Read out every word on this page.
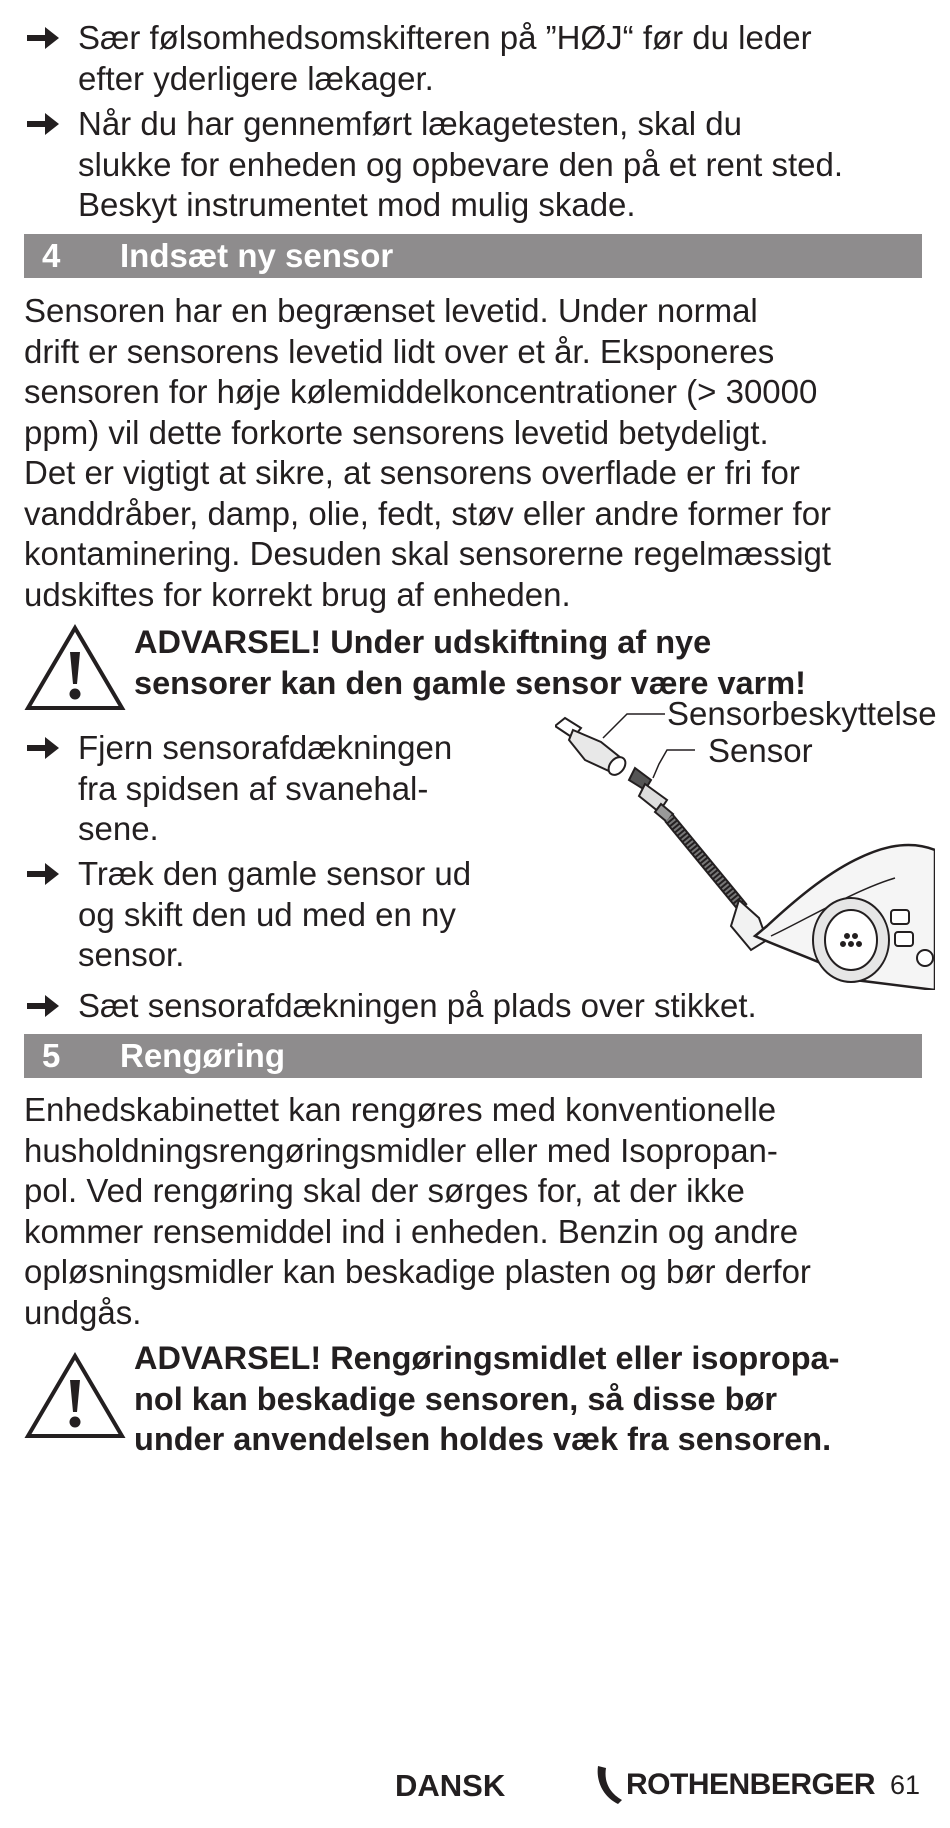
Sær følsomhedsomskifteren på ”HØJ“ før du leder
efter yderligere lækager.
Når du har gennemført lækagetesten, skal du
slukke for enheden og opbevare den på et rent sted.
Beskyt instrumentet mod mulig skade.
4 Indsæt ny sensor
Sensoren har en begrænset levetid. Under normal
drift er sensorens levetid lidt over et år. Eksponeres
sensoren for høje kølemiddelkoncentrationer (> 30000
ppm) vil dette forkorte sensorens levetid betydeligt.
Det er vigtigt at sikre, at sensorens overflade er fri for
vanddråber, damp, olie, fedt, støv eller andre former for
kontaminering. Desuden skal sensorerne regelmæssigt
udskiftes for korrekt brug af enheden.
ADVARSEL! Under udskiftning af nye
sensorer kan den gamle sensor være varm!
Fjern sensorafdækningen
fra spidsen af svanehal-
sene.
Træk den gamle sensor ud
og skift den ud med en ny
sensor.
Sæt sensorafdækningen på plads over stikket.
Sensorbeskyttelse
Sensor
5 Rengøring
Enhedskabinettet kan rengøres med konventionelle
husholdningsrengøringsmidler eller med Isopropan-
pol. Ved rengøring skal der sørges for, at der ikke
kommer rensemiddel ind i enheden. Benzin og andre
opløsningsmidler kan beskadige plasten og bør derfor
undgås.
ADVARSEL! Rengøringsmidlet eller isopropa-
nol kan beskadige sensoren, så disse bør
under anvendelsen holdes væk fra sensoren.
DANSK	ROTHENBERGER 61
